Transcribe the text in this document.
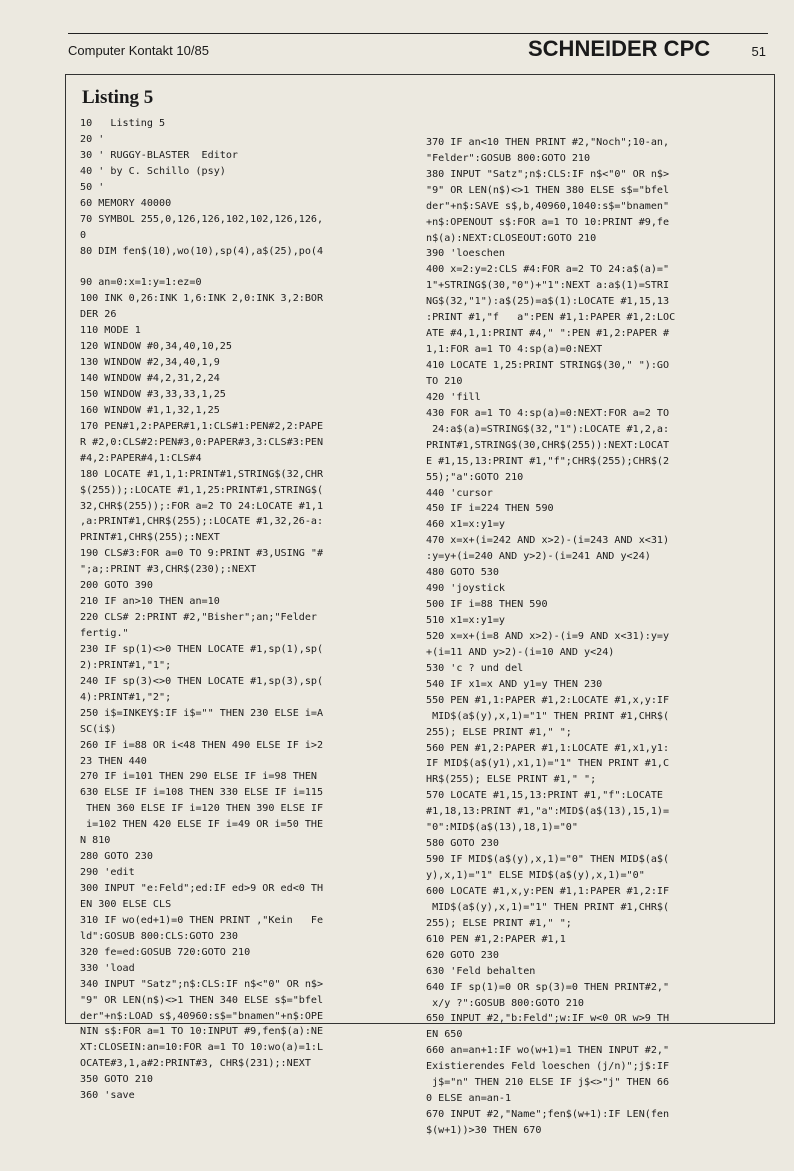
Computer Kontakt 10/85	SCHNEIDER CPC	51
Listing 5

10   Listing 5
20 '
30 ' RUGGY-BLASTER  Editor
40 ' by C. Schillo (psy)
50 '
60 MEMORY 40000
70 SYMBOL 255,0,126,126,102,102,126,126,
0
80 DIM fen$(10),wo(10),sp(4),a$(25),po(4
90 an=0:x=1:y=1:ez=0
100 INK 0,26:INK 1,6:INK 2,0:INK 3,2:BOR
DER 26
110 MODE 1
120 WINDOW #0,34,40,10,25
130 WINDOW #2,34,40,1,9
140 WINDOW #4,2,31,2,24
150 WINDOW #3,33,33,1,25
160 WINDOW #1,1,32,1,25
170 PEN#1,2:PAPER#1,1:CLS#1:PEN#2,2:PAPE
R #2,0:CLS#2:PEN#3,0:PAPER#3,3:CLS#3:PEN
#4,2:PAPER#4,1:CLS#4
180 LOCATE #1,1,1:PRINT#1,STRING$(32,CHR
$(255));:LOCATE #1,1,25:PRINT#1,STRING$(
32,CHR$(255));:FOR a=2 TO 24:LOCATE #1,1
,a:PRINT#1,CHR$(255);:LOCATE #1,32,26-a:
PRINT#1,CHR$(255);:NEXT
190 CLS#3:FOR a=0 TO 9:PRINT #3,USING "#
";a;:PRINT #3,CHR$(230);:NEXT
200 GOTO 390
210 IF an>10 THEN an=10
220 CLS# 2:PRINT #2,"Bisher";an;"Felder
fertig."
230 IF sp(1)<>0 THEN LOCATE #1,sp(1),sp(
2):PRINT#1,"1";
240 IF sp(3)<>0 THEN LOCATE #1,sp(3),sp(
4):PRINT#1,"2";
250 i$=INKEY$:IF i$="" THEN 230 ELSE i=A
SC(i$)
260 IF i=88 OR i<48 THEN 490 ELSE IF i>2
23 THEN 440
270 IF i=101 THEN 290 ELSE IF i=98 THEN
630 ELSE IF i=108 THEN 330 ELSE IF i=115
THEN 360 ELSE IF i=120 THEN 390 ELSE IF
i=102 THEN 420 ELSE IF i=49 OR i=50 THE
N 810
280 GOTO 230
290 'edit
300 INPUT "e:Feld";ed:IF ed>9 OR ed<0 TH
EN 300 ELSE CLS
310 IF wo(ed+1)=0 THEN PRINT ,"Kein   Fe
ld":GOSUB 800:CLS:GOTO 230
320 fe=ed:GOSUB 720:GOTO 210
330 'load
340 INPUT "Satz";n$:CLS:IF n$<"0" OR n$>
"9" OR LEN(n$)<>1 THEN 340 ELSE s$="bfel
der"+n$:LOAD s$,40960:s$="bnamen"+n$:OPE
NIN s$:FOR a=1 TO 10:INPUT #9,fen$(a):NE
XT:CLOSEIN:an=10:FOR a=1 TO 10:wo(a)=1:L
OCATE#3,1,a#2:PRINT#3, CHR$(231);:NEXT
350 GOTO 210
360 'save

370 IF an<10 THEN PRINT #2,"Noch";10-an,
"Felder":GOSUB 800:GOTO 210
380 INPUT "Satz";n$:CLS:IF n$<"0" OR n$>
"9" OR LEN(n$)<>1 THEN 380 ELSE s$="bfel
der"+n$:SAVE s$,b,40960,1040:s$="bnamen"
+n$:OPENOUT s$:FOR a=1 TO 10:PRINT #9,fe
n$(a):NEXT:CLOSEOUT:GOTO 210
390 'loeschen
400 x=2:y=2:CLS #4:FOR a=2 TO 24:a$(a)="
1"+STRING$(30,"0")+"1":NEXT a:a$(1)=STRI
NG$(32,"1"):a$(25)=a$(1):LOCATE #1,15,13
:PRINT #1,"f   a":PEN #1,1:PAPER #1,2:LOC
ATE #4,1,1:PRINT #4," ":PEN #1,2:PAPER #
1,1:FOR a=1 TO 4:sp(a)=0:NEXT
410 LOCATE 1,25:PRINT STRING$(30," "):GO
TO 210
420 'fill
430 FOR a=1 TO 4:sp(a)=0:NEXT:FOR a=2 TO
24:a$(a)=STRING$(32,"1"):LOCATE #1,2,a:
PRINT#1,STRING$(30,CHR$(255)):NEXT:LOCAT
E #1,15,13:PRINT #1,"f";CHR$(255);CHR$(2
55);"a":GOTO 210
440 'cursor
450 IF i=224 THEN 590
460 x1=x:y1=y
470 x=x+(i=242 AND x>2)-(i=243 AND x<31)
:y=y+(i=240 AND y>2)-(i=241 AND y<24)
480 GOTO 530
490 'joystick
500 IF i=88 THEN 590
510 x1=x:y1=y
520 x=x+(i=8 AND x>2)-(i=9 AND x<31):y=y
+(i=11 AND y>2)-(i=10 AND y<24)
530 'c ? und del
540 IF x1=x AND y1=y THEN 230
550 PEN #1,1:PAPER #1,2:LOCATE #1,x,y:IF
MID$(a$(y),x,1)="1" THEN PRINT #1,CHR$(
255); ELSE PRINT #1," ";
560 PEN #1,2:PAPER #1,1:LOCATE #1,x1,y1:
IF MID$(a$(y1),x1,1)="1" THEN PRINT #1,C
HR$(255); ELSE PRINT #1," ";
570 LOCATE #1,15,13:PRINT #1,"f":LOCATE
#1,18,13:PRINT #1,"a":MID$(a$(13),15,1)=
"0":MID$(a$(13),18,1)="0"
580 GOTO 230
590 IF MID$(a$(y),x,1)="0" THEN MID$(a$(
y),x,1)="1" ELSE MID$(a$(y),x,1)="0"
600 LOCATE #1,x,y:PEN #1,1:PAPER #1,2:IF
MID$(a$(y),x,1)="1" THEN PRINT #1,CHR$(
255); ELSE PRINT #1," ";
610 PEN #1,2:PAPER #1,1
620 GOTO 230
630 'Feld behalten
640 IF sp(1)=0 OR sp(3)=0 THEN PRINT#2,"
x/y ?":GOSUB 800:GOTO 210
650 INPUT #2,"b:Feld";w:IF w<0 OR w>9 TH
EN 650
660 an=an+1:IF wo(w+1)=1 THEN INPUT #2,"
Existierendes Feld loeschen (j/n)";j$:IF
j$="n" THEN 210 ELSE IF j$<>"j" THEN 66
0 ELSE an=an-1
670 INPUT #2,"Name";fen$(w+1):IF LEN(fen
$(w+1))>30 THEN 670
